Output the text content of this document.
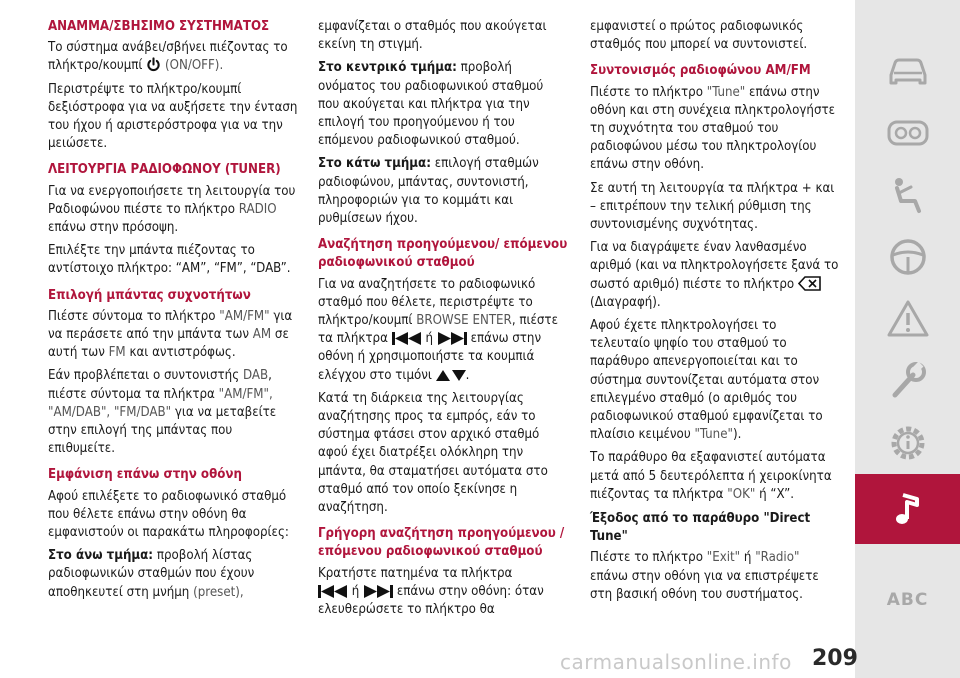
ΑΝΑΜΜΑ/ΣΒΗΣΙΜΟ ΣΥΣΤΗΜΑΤΟΣ

Το σύστημα ανάβει/σβήνει πιέζοντας το πλήκτρο/κουμπί (ON/OFF).

Περιστρέψτε το πλήκτρο/κουμπί δεξιόστροφα για να αυξήσετε την ένταση του ήχου ή αριστερόστροφα για να την μειώσετε.

ΛΕΙΤΟΥΡΓΙΑ ΡΑΔΙΟΦΩΝΟΥ (TUNER)

Για να ενεργοποιήσετε τη λειτουργία του Ραδιοφώνου πιέστε το πλήκτρο RADIO επάνω στην πρόσοψη.

Επιλέξτε την μπάντα πιέζοντας το αντίστοιχο πλήκτρο: “AM”, “FM”, “DAB”.

Επιλογή μπάντας συχνοτήτων

Πιέστε σύντομα το πλήκτρο "AM/FM" για να περάσετε από την μπάντα των AM σε αυτή των FM και αντιστρόφως.

Εάν προβλέπεται ο συντονιστής DAB, πιέστε σύντομα τα πλήκτρα "AM/FM", "AM/DAB", "FM/DAB" για να μεταβείτε στην επιλογή της μπάντας που επιθυμείτε.

Εμφάνιση επάνω στην οθόνη

Αφού επιλέξετε το ραδιοφωνικό σταθμό που θέλετε επάνω στην οθόνη θα εμφανιστούν οι παρακάτω πληροφορίες:

Στο άνω τμήμα: προβολή λίστας ραδιοφωνικών σταθμών που έχουν αποθηκευτεί στη μνήμη (preset),

εμφανίζεται ο σταθμός που ακούγεται εκείνη τη στιγμή.

Στο κεντρικό τμήμα: προβολή ονόματος του ραδιοφωνικού σταθμού που ακούγεται και πλήκτρα για την επιλογή του προηγούμενου ή του επόμενου ραδιοφωνικού σταθμού.

Στο κάτω τμήμα: επιλογή σταθμών ραδιοφώνου, μπάντας, συντονιστή, πληροφοριών για το κομμάτι και ρυθμίσεων ήχου.

Αναζήτηση προηγούμενου/ επόμενου ραδιοφωνικού σταθμού

Για να αναζητήσετε το ραδιοφωνικό σταθμό που θέλετε, περιστρέψτε το πλήκτρο/κουμπί BROWSE ENTER, πιέστε τα πλήκτρα	ή	επάνω στην οθόνη ή χρησιμοποιήστε τα κουμπιά ελέγχου στο τιμόνι	.

Κατά τη διάρκεια της λειτουργίας αναζήτησης προς τα εμπρός, εάν το σύστημα φτάσει στον αρχικό σταθμό αφού έχει διατρέξει ολόκληρη την μπάντα, θα σταματήσει αυτόματα στο σταθμό από τον οποίο ξεκίνησε η αναζήτηση.

Γρήγορη αναζήτηση προηγούμενου /επόμενου ραδιοφωνικού σταθμού

Κρατήστε πατημένα τα πλήκτρα
ή	επάνω στην οθόνη: όταν ελευθερώσετε το πλήκτρο θα

εμφανιστεί ο πρώτος ραδιοφωνικός σταθμός που μπορεί να συντονιστεί.

Συντονισμός ραδιοφώνου AM/FM

Πιέστε το πλήκτρο "Tune" επάνω στην οθόνη και στη συνέχεια πληκτρολογήστε τη συχνότητα του σταθμού του ραδιοφώνου μέσω του πληκτρολογίου επάνω στην οθόνη.

Σε αυτή τη λειτουργία τα πλήκτρα + και – επιτρέπουν την τελική ρύθμιση της συντονισμένης συχνότητας.

Για να διαγράψετε έναν λανθασμένο αριθμό (και να πληκτρολογήσετε ξανά το σωστό αριθμό) πιέστε το πλήκτρο  (Διαγραφή).

Αφού έχετε πληκτρολογήσει το τελευταίο ψηφίο του σταθμού το παράθυρο απενεργοποιείται και το σύστημα συντονίζεται αυτόματα στον επιλεγμένο σταθμό (ο αριθμός του ραδιοφωνικού σταθμού εμφανίζεται το πλαίσιο κειμένου "Tune").

Το παράθυρο θα εξαφανιστεί αυτόματα μετά από 5 δευτερόλεπτα ή χειροκίνητα πιέζοντας τα πλήκτρα "OK" ή “X”.

Έξοδος από το παράθυρο "Direct Tune"

Πιέστε το πλήκτρο "Exit" ή "Radio" επάνω στην οθόνη για να επιστρέψετε στη βασική οθόνη του συστήματος.	ABC
carmanualsonline.info 209
